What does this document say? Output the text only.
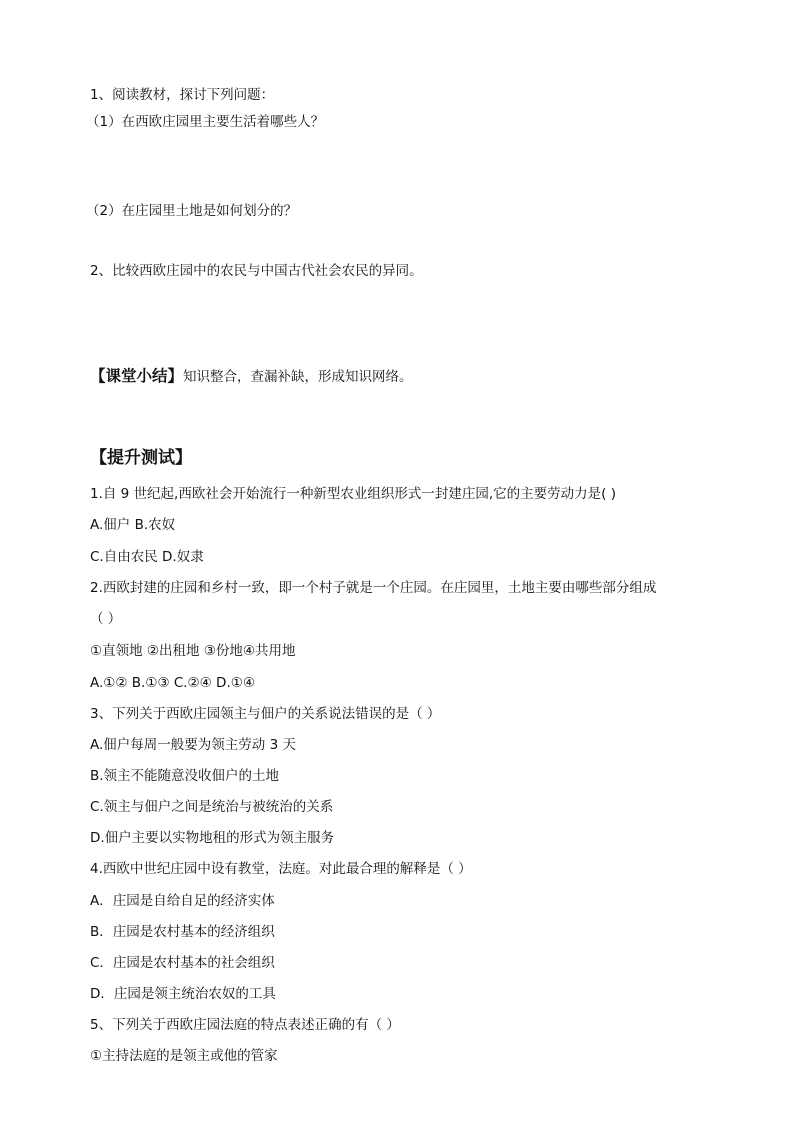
1、阅读教材，探讨下列问题：
（1）在西欧庄园里主要生活着哪些人？
（2）在庄园里土地是如何划分的？
2、比较西欧庄园中的农民与中国古代社会农民的异同。
【课堂小结】知识整合，查漏补缺，形成知识网络。
【提升测试】
1.自 9 世纪起,西欧社会开始流行一种新型农业组织形式一封建庄园,它的主要劳动力是( )
A.佃户 B.农奴
C.自由农民 D.奴隶
2.西欧封建的庄园和乡村一致，即一个村子就是一个庄园。在庄园里，土地主要由哪些部分组成
（ ）
①直领地 ②出租地 ③份地④共用地
A.①② B.①③ C.②④ D.①④
3、下列关于西欧庄园领主与佃户的关系说法错误的是（ ）
A.佃户每周一般要为领主劳动 3 天
B.领主不能随意没收佃户的土地
C.领主与佃户之间是统治与被统治的关系
D.佃户主要以实物地租的形式为领主服务
4.西欧中世纪庄园中设有教堂，法庭。对此最合理的解释是（ ）
A．庄园是自给自足的经济实体
B．庄园是农村基本的经济组织
C．庄园是农村基本的社会组织
D．庄园是领主统治农奴的工具
5、下列关于西欧庄园法庭的特点表述正确的有（ ）
①主持法庭的是领主或他的管家
